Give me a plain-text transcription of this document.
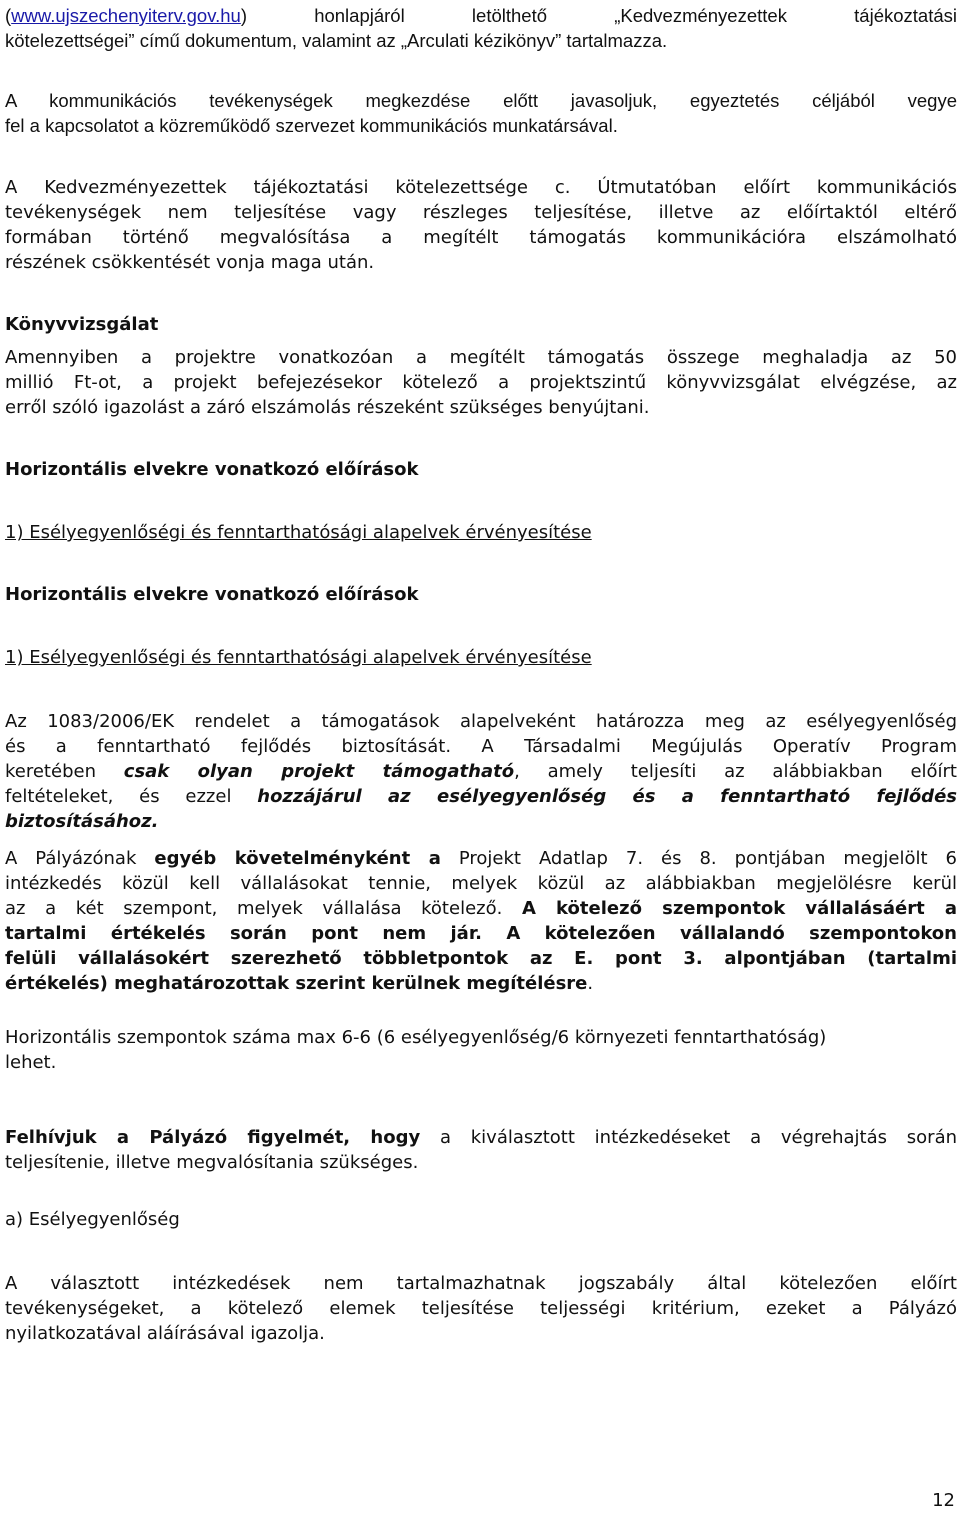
(www.ujszechenyiterv.gov.hu) honlapjáról letölthető „Kedvezményezettek tájékoztatási

kötelezettségei” című dokumentum, valamint az „Arculati kézikönyv” tartalmazza.

A kommunikációs tevékenységek megkezdése előtt javasoljuk, egyeztetés céljából vegye

fel a kapcsolatot a közreműködő szervezet kommunikációs munkatársával.

A Kedvezményezettek tájékoztatási kötelezettsége c. Útmutatóban előírt kommunikációs

tevékenységek nem teljesítése vagy részleges teljesítése, illetve az előírtaktól eltérő

formában történő megvalósítása a megítélt támogatás kommunikációra elszámolható

részének csökkentését vonja maga után.

Könyvvizsgálat

Amennyiben a projektre vonatkozóan a megítélt támogatás összege meghaladja az 50

millió Ft-ot, a projekt befejezésekor kötelező a projektszintű könyvvizsgálat elvégzése, az

erről szóló igazolást a záró elszámolás részeként szükséges benyújtani.

Horizontális elvekre vonatkozó előírások

1) Esélyegyenlőségi és fenntarthatósági alapelvek érvényesítése

Horizontális elvekre vonatkozó előírások

1) Esélyegyenlőségi és fenntarthatósági alapelvek érvényesítése

Az 1083/2006/EK rendelet a támogatások alapelveként határozza meg az esélyegyenlőség

és a fenntartható fejlődés biztosítását. A Társadalmi Megújulás Operatív Program

keretében csak olyan projekt támogatható, amely teljesíti az alábbiakban előírt

feltételeket, és ezzel hozzájárul az esélyegyenlőség és a fenntartható fejlődés

biztosításához.

A Pályázónak egyéb követelményként a Projekt Adatlap 7. és 8. pontjában megjelölt 6

intézkedés közül kell vállalásokat tennie, melyek közül az alábbiakban megjelölésre kerül

az a két szempont, melyek vállalása kötelező. A kötelező szempontok vállalásáért a

tartalmi értékelés során pont nem jár. A kötelezően vállalandó szempontokon

felüli vállalásokért szerezhető többletpontok az E. pont 3. alpontjában (tartalmi

értékelés) meghatározottak szerint kerülnek megítélésre.

Horizontális szempontok száma max 6-6 (6 esélyegyenlőség/6 környezeti fenntarthatóság)

lehet.

Felhívjuk a Pályázó figyelmét, hogy a kiválasztott intézkedéseket a végrehajtás során

teljesítenie, illetve megvalósítania szükséges.

a) Esélyegyenlőség

A választott intézkedések nem tartalmazhatnak jogszabály által kötelezően előírt

tevékenységeket, a kötelező elemek teljesítése teljességi kritérium, ezeket a Pályázó

nyilatkozatával aláírásával igazolja.

12
